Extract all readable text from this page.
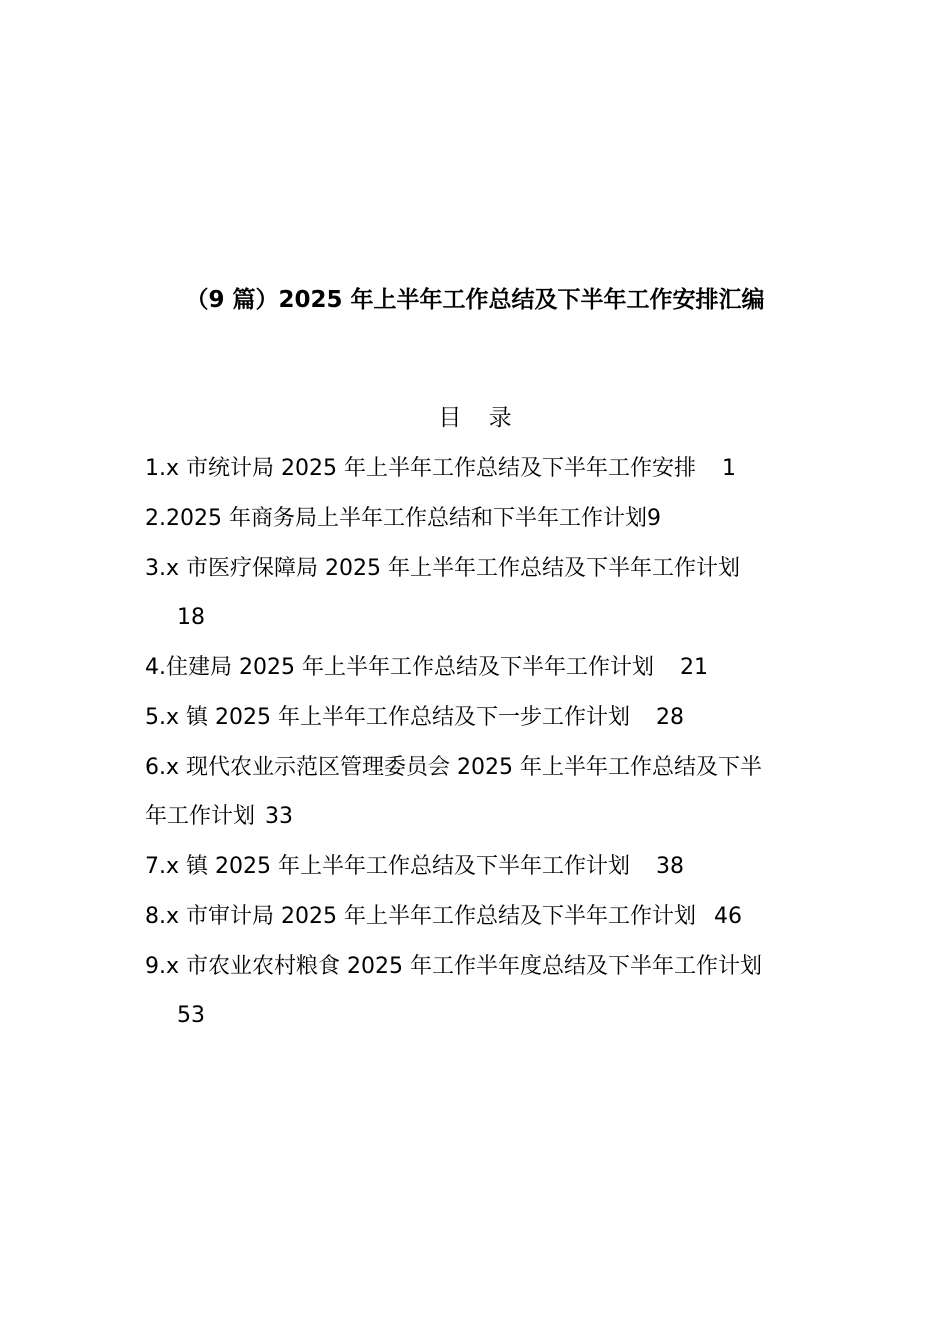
（9 篇）2025 年上半年工作总结及下半年工作安排汇编
目 录
1.x 市统计局 2025 年上半年工作总结及下半年工作安排 1
2.2025 年商务局上半年工作总结和下半年工作计划9
3.x 市医疗保障局 2025 年上半年工作总结及下半年工作计划
18
4.住建局 2025 年上半年工作总结及下半年工作计划 21
5.x 镇 2025 年上半年工作总结及下一步工作计划 28
6.x 现代农业示范区管理委员会 2025 年上半年工作总结及下半
年工作计划 33
7.x 镇 2025 年上半年工作总结及下半年工作计划 38
8.x 市审计局 2025 年上半年工作总结及下半年工作计划 46
9.x 市农业农村粮食 2025 年工作半年度总结及下半年工作计划
53
